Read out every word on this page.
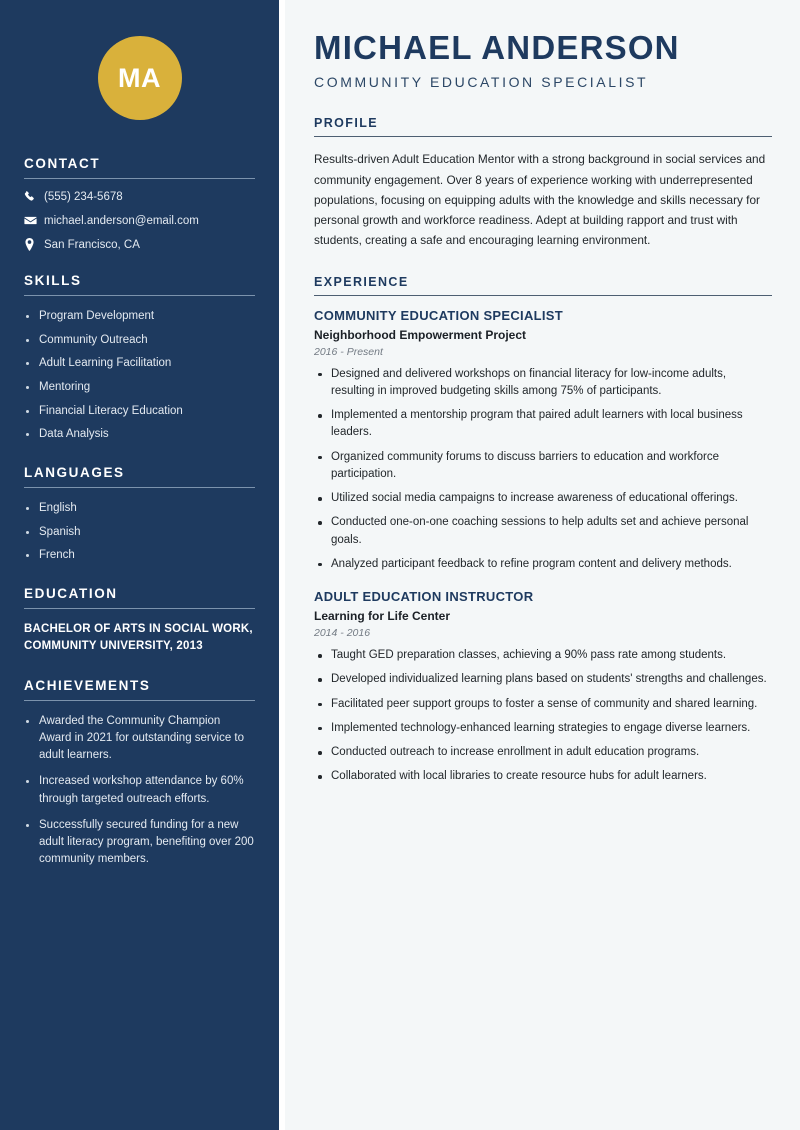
MA
CONTACT
(555) 234-5678
michael.anderson@email.com
San Francisco, CA
SKILLS
Program Development
Community Outreach
Adult Learning Facilitation
Mentoring
Financial Literacy Education
Data Analysis
LANGUAGES
English
Spanish
French
EDUCATION
BACHELOR OF ARTS IN SOCIAL WORK,
COMMUNITY UNIVERSITY, 2013
ACHIEVEMENTS
Awarded the Community Champion Award in 2021 for outstanding service to adult learners.
Increased workshop attendance by 60% through targeted outreach efforts.
Successfully secured funding for a new adult literacy program, benefiting over 200 community members.
MICHAEL ANDERSON
COMMUNITY EDUCATION SPECIALIST
PROFILE

Results-driven Adult Education Mentor with a strong background in social services and community engagement. Over 8 years of experience working with underrepresented populations, focusing on equipping adults with the knowledge and skills necessary for personal growth and workforce readiness. Adept at building rapport and trust with students, creating a safe and encouraging learning environment.

EXPERIENCE
COMMUNITY EDUCATION SPECIALIST
Neighborhood Empowerment Project
2016 - Present
Designed and delivered workshops on financial literacy for low-income adults, resulting in improved budgeting skills among 75% of participants.
Implemented a mentorship program that paired adult learners with local business leaders.
Organized community forums to discuss barriers to education and workforce participation.
Utilized social media campaigns to increase awareness of educational offerings.
Conducted one-on-one coaching sessions to help adults set and achieve personal goals.
Analyzed participant feedback to refine program content and delivery methods.
ADULT EDUCATION INSTRUCTOR
Learning for Life Center
2014 - 2016
Taught GED preparation classes, achieving a 90% pass rate among students.
Developed individualized learning plans based on students' strengths and challenges.
Facilitated peer support groups to foster a sense of community and shared learning.
Implemented technology-enhanced learning strategies to engage diverse learners.
Conducted outreach to increase enrollment in adult education programs.
Collaborated with local libraries to create resource hubs for adult learners.
